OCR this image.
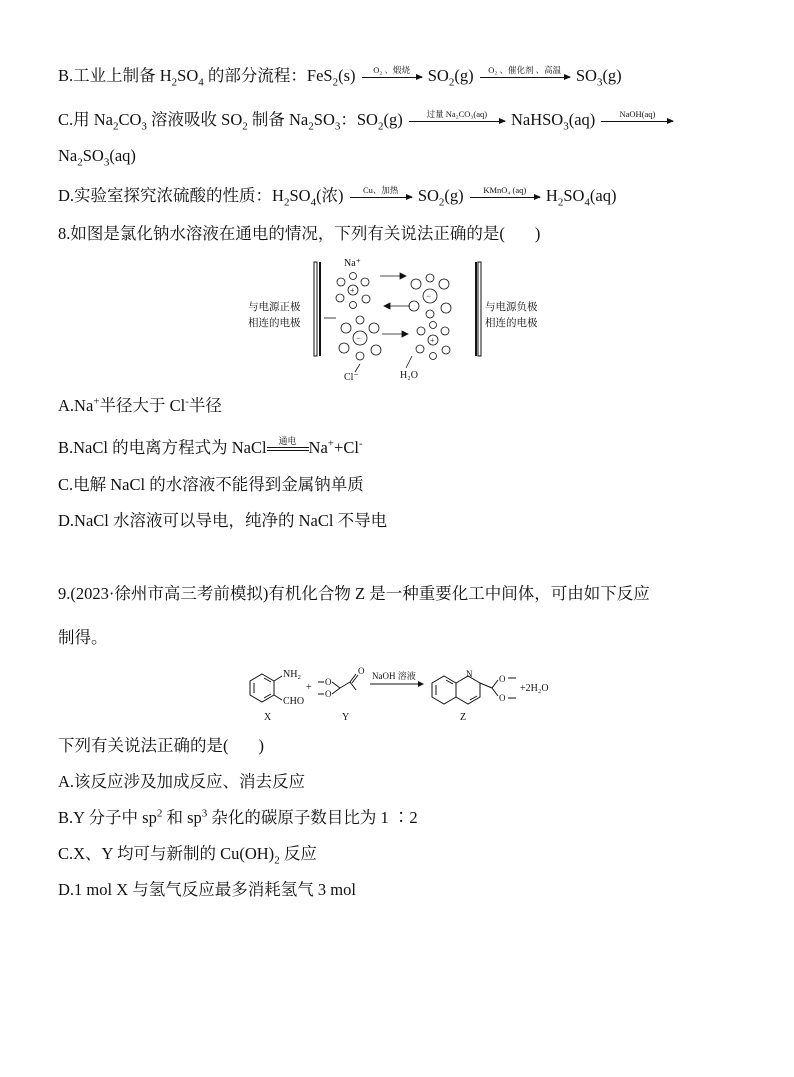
B.工业上制备 $H_2SO_4$ 的部分流程：FeS$_2$(s)	O₂ 、煅烧	$SO_2(g)$	O₂ 、催化剂 、高温 $SO_3(g)$
C.用 $Na_2CO_3$ 溶液吸收 $SO_2$ 制备 $Na_2SO_3$：$SO_2(g)$	过量 Na₂CO₃(aq)	NaHSO$_3$(aq)	NaOH(aq)
$Na_2SO_3(aq)$
D.实验室探究浓硫酸的性质：$H_2SO_4$(浓)	Cu、加热	$SO_2(g)$	KMnO₄ (aq)	$H_2SO_4(aq)$
8.如图是氯化钠水溶液在通电的情况，下列有关说法正确的是( )
与电源正极
相连的电极
与电源负极
相连的电极
Na⁺
Cl⁻	H₂O
+
−
−	+
A.Na+半径大于 Cl-半径
B.NaCl 的电离方程式为 NaCl	通电 Na++Cl-
C.电解 NaCl 的水溶液不能得到金属钠单质
D.NaCl 水溶液可以导电，纯净的 NaCl 不导电
9.(2023·徐州市高三考前模拟)有机化合物 Z 是一种重要化工中间体，可由如下反应
制得。
NH₂
CHO
+ O
O
O NaOH 溶液	N	O
O
+2H₂O
X	Y	Z
下列有关说法正确的是( )
A.该反应涉及加成反应、消去反应
B.Y 分子中 $sp^2$ 和 $sp^3$ 杂化的碳原子数目比为 1 ∶2
C.X、Y 均可与新制的 $Cu(OH)_2$ 反应
D.1 mol X 与氢气反应最多消耗氢气 3 mol
